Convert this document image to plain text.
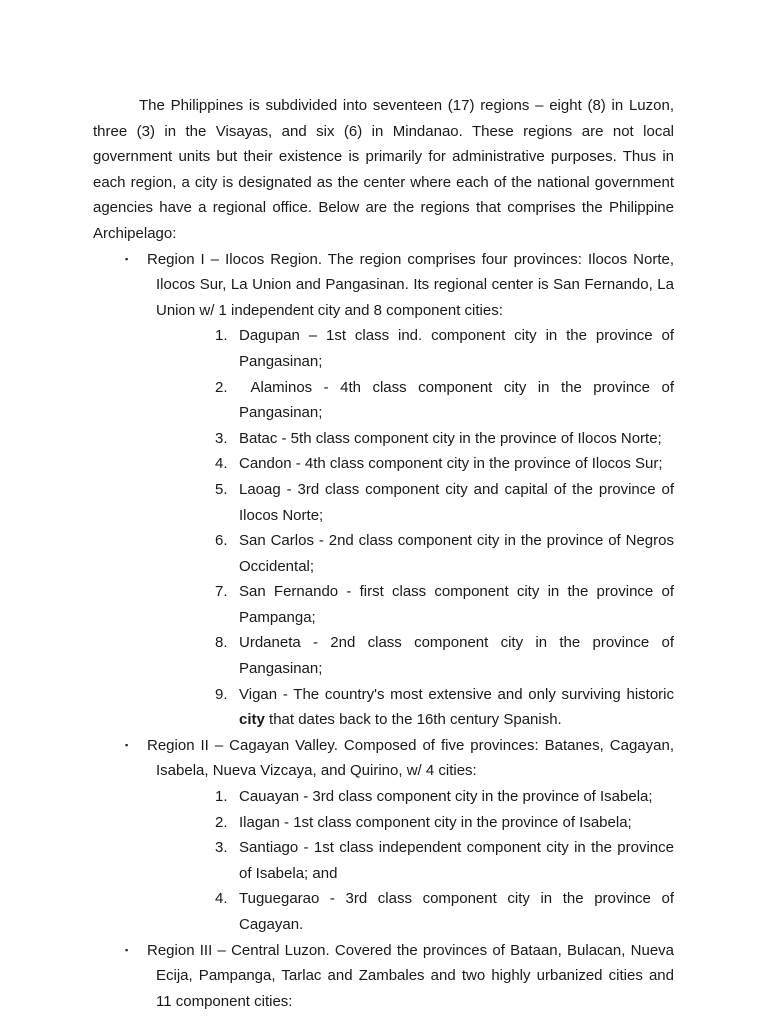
The Philippines is subdivided into seventeen (17) regions – eight (8) in Luzon, three (3) in the Visayas, and six (6) in Mindanao. These regions are not local government units but their existence is primarily for administrative purposes. Thus in each region, a city is designated as the center where each of the national government agencies have a regional office. Below are the regions that comprises the Philippine Archipelago:

▪ Region I – Ilocos Region. The region comprises four provinces: Ilocos Norte, Ilocos Sur, La Union and Pangasinan. Its regional center is San Fernando, La Union w/ 1 independent city and 8 component cities:
1. Dagupan – 1st class ind. component city in the province of Pangasinan;
2. Alaminos - 4th class component city in the province of Pangasinan;
3. Batac - 5th class component city in the province of Ilocos Norte;
4. Candon - 4th class component city in the province of Ilocos Sur;
5. Laoag - 3rd class component city and capital of the province of Ilocos Norte;
6. San Carlos - 2nd class component city in the province of Negros Occidental;
7. San Fernando - first class component city in the province of Pampanga;
8. Urdaneta - 2nd class component city in the province of Pangasinan;
9. Vigan - The country's most extensive and only surviving historic city that dates back to the 16th century Spanish.
▪ Region II – Cagayan Valley. Composed of five provinces: Batanes, Cagayan, Isabela, Nueva Vizcaya, and Quirino, w/ 4 cities:
1. Cauayan - 3rd class component city in the province of Isabela;
2. Ilagan - 1st class component city in the province of Isabela;
3. Santiago - 1st class independent component city in the province of Isabela; and
4. Tuguegarao - 3rd class component city in the province of Cagayan.
▪ Region III – Central Luzon. Covered the provinces of Bataan, Bulacan, Nueva Ecija, Pampanga, Tarlac and Zambales and two highly urbanized cities and 11 component cities:
